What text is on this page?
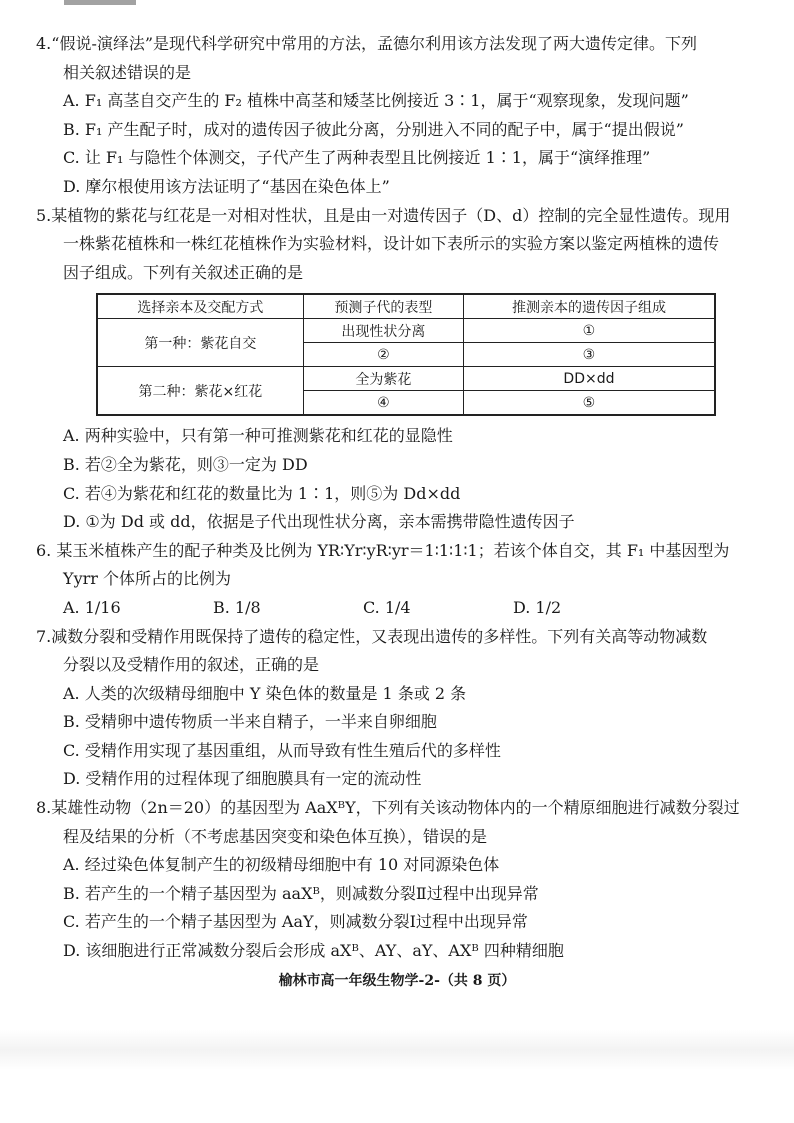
4.“假说-演绎法”是现代科学研究中常用的方法，孟德尔利用该方法发现了两大遗传定律。下列
相关叙述错误的是
A. F₁ 高茎自交产生的 F₂ 植株中高茎和矮茎比例接近 3∶1，属于“观察现象，发现问题”
B. F₁ 产生配子时，成对的遗传因子彼此分离，分别进入不同的配子中，属于“提出假说”
C. 让 F₁ 与隐性个体测交，子代产生了两种表型且比例接近 1∶1，属于“演绎推理”
D. 摩尔根使用该方法证明了“基因在染色体上”
5.某植物的紫花与红花是一对相对性状，且是由一对遗传因子（D、d）控制的完全显性遗传。现用
一株紫花植株和一株红花植株作为实验材料，设计如下表所示的实验方案以鉴定两植株的遗传
因子组成。下列有关叙述正确的是
选择亲本及交配方式	预测子代的表型	推测亲本的遗传因子组成
第一种：紫花自交	出现性状分离	①
	②	③
第二种：紫花×红花	全为紫花	DD×dd
	④	⑤
A. 两种实验中，只有第一种可推测紫花和红花的显隐性
B. 若②全为紫花，则③一定为 DD
C. 若④为紫花和红花的数量比为 1∶1，则⑤为 Dd×dd
D. ①为 Dd 或 dd，依据是子代出现性状分离，亲本需携带隐性遗传因子
6. 某玉米植株产生的配子种类及比例为 YR∶Yr∶yR∶yr＝1∶1∶1∶1；若该个体自交，其 F₁ 中基因型为
Yyrr 个体所占的比例为
A. 1/16	B. 1/8	C. 1/4	D. 1/2
7.减数分裂和受精作用既保持了遗传的稳定性，又表现出遗传的多样性。下列有关高等动物减数
分裂以及受精作用的叙述，正确的是
A. 人类的次级精母细胞中 Y 染色体的数量是 1 条或 2 条
B. 受精卵中遗传物质一半来自精子，一半来自卵细胞
C. 受精作用实现了基因重组，从而导致有性生殖后代的多样性
D. 受精作用的过程体现了细胞膜具有一定的流动性
8.某雄性动物（2n＝20）的基因型为 AaXᴮY，下列有关该动物体内的一个精原细胞进行减数分裂过
程及结果的分析（不考虑基因突变和染色体互换），错误的是
A. 经过染色体复制产生的初级精母细胞中有 10 对同源染色体
B. 若产生的一个精子基因型为 aaXᴮ，则减数分裂Ⅱ过程中出现异常
C. 若产生的一个精子基因型为 AaY，则减数分裂Ⅰ过程中出现异常
D. 该细胞进行正常减数分裂后会形成 aXᴮ、AY、aY、AXᴮ 四种精细胞
榆林市高一年级生物学-2-（共 8 页）
